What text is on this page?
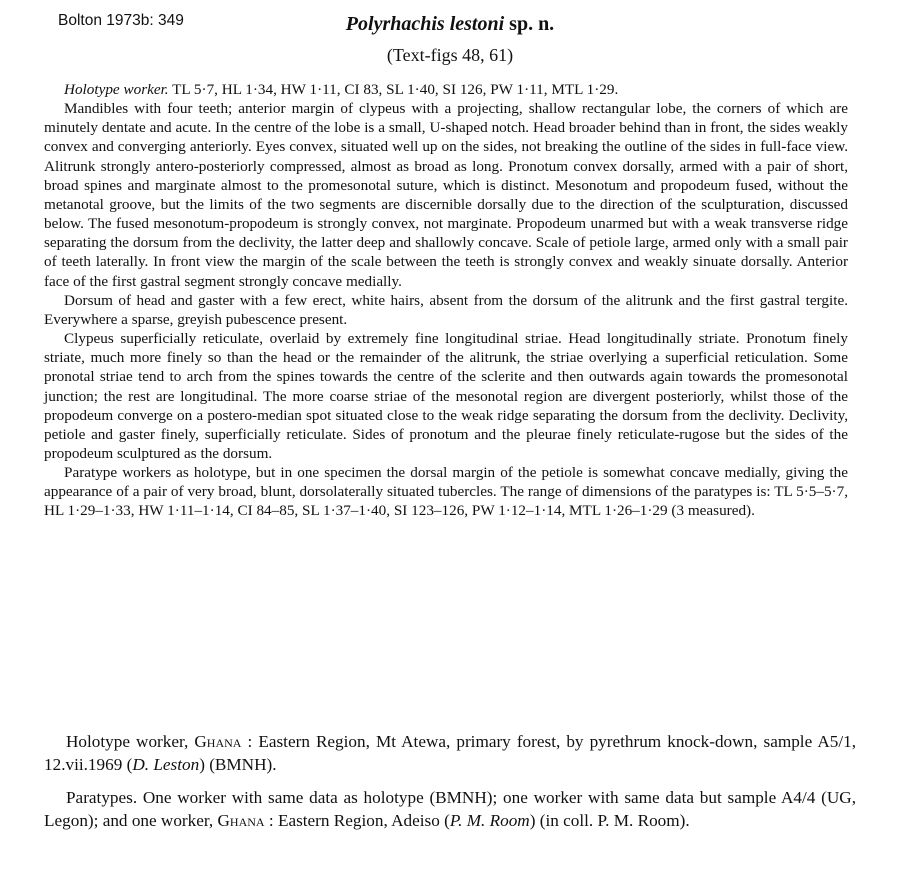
Bolton 1973b: 349	Polyrhachis lestoni sp. n.
(Text-figs 48, 61)

Holotype worker. TL 5·7, HL 1·34, HW 1·11, CI 83, SL 1·40, SI 126, PW 1·11, MTL 1·29.

Mandibles with four teeth; anterior margin of clypeus with a projecting, shallow rectangular lobe, the corners of which are minutely dentate and acute. In the centre of the lobe is a small, U-shaped notch. Head broader behind than in front, the sides weakly convex and converging anteriorly. Eyes convex, situated well up on the sides, not breaking the outline of the sides in full-face view. Alitrunk strongly antero-posteriorly compressed, almost as broad as long. Pronotum convex dorsally, armed with a pair of short, broad spines and marginate almost to the promesonotal suture, which is distinct. Mesonotum and propodeum fused, without the metanotal groove, but the limits of the two segments are discernible dorsally due to the direction of the sculpturation, discussed below. The fused mesonotum-propodeum is strongly convex, not marginate. Propodeum unarmed but with a weak transverse ridge separating the dorsum from the declivity, the latter deep and shallowly concave. Scale of petiole large, armed only with a small pair of teeth laterally. In front view the margin of the scale between the teeth is strongly convex and weakly sinuate dorsally. Anterior face of the first gastral segment strongly concave medially.

Dorsum of head and gaster with a few erect, white hairs, absent from the dorsum of the alitrunk and the first gastral tergite. Everywhere a sparse, greyish pubescence present.

Clypeus superficially reticulate, overlaid by extremely fine longitudinal striae. Head longitudinally striate. Pronotum finely striate, much more finely so than the head or the remainder of the alitrunk, the striae overlying a superficial reticulation. Some pronotal striae tend to arch from the spines towards the centre of the sclerite and then outwards again towards the promesonotal junction; the rest are longitudinal. The more coarse striae of the mesonotal region are divergent posteriorly, whilst those of the propodeum converge on a postero-median spot situated close to the weak ridge separating the dorsum from the declivity. Declivity, petiole and gaster finely, superficially reticulate. Sides of pronotum and the pleurae finely reticulate-rugose but the sides of the propodeum sculptured as the dorsum.

Paratype workers as holotype, but in one specimen the dorsal margin of the petiole is somewhat concave medially, giving the appearance of a pair of very broad, blunt, dorsolaterally situated tubercles. The range of dimensions of the paratypes is: TL 5·5–5·7, HL 1·29–1·33, HW 1·11–1·14, CI 84–85, SL 1·37–1·40, SI 123–126, PW 1·12–1·14, MTL 1·26–1·29 (3 measured).

Holotype worker, Ghana : Eastern Region, Mt Atewa, primary forest, by pyrethrum knock-down, sample A5/1, 12.vii.1969 (D. Leston) (BMNH).

Paratypes. One worker with same data as holotype (BMNH); one worker with same data but sample A4/4 (UG, Legon); and one worker, Ghana : Eastern Region, Adeiso (P. M. Room) (in coll. P. M. Room).
